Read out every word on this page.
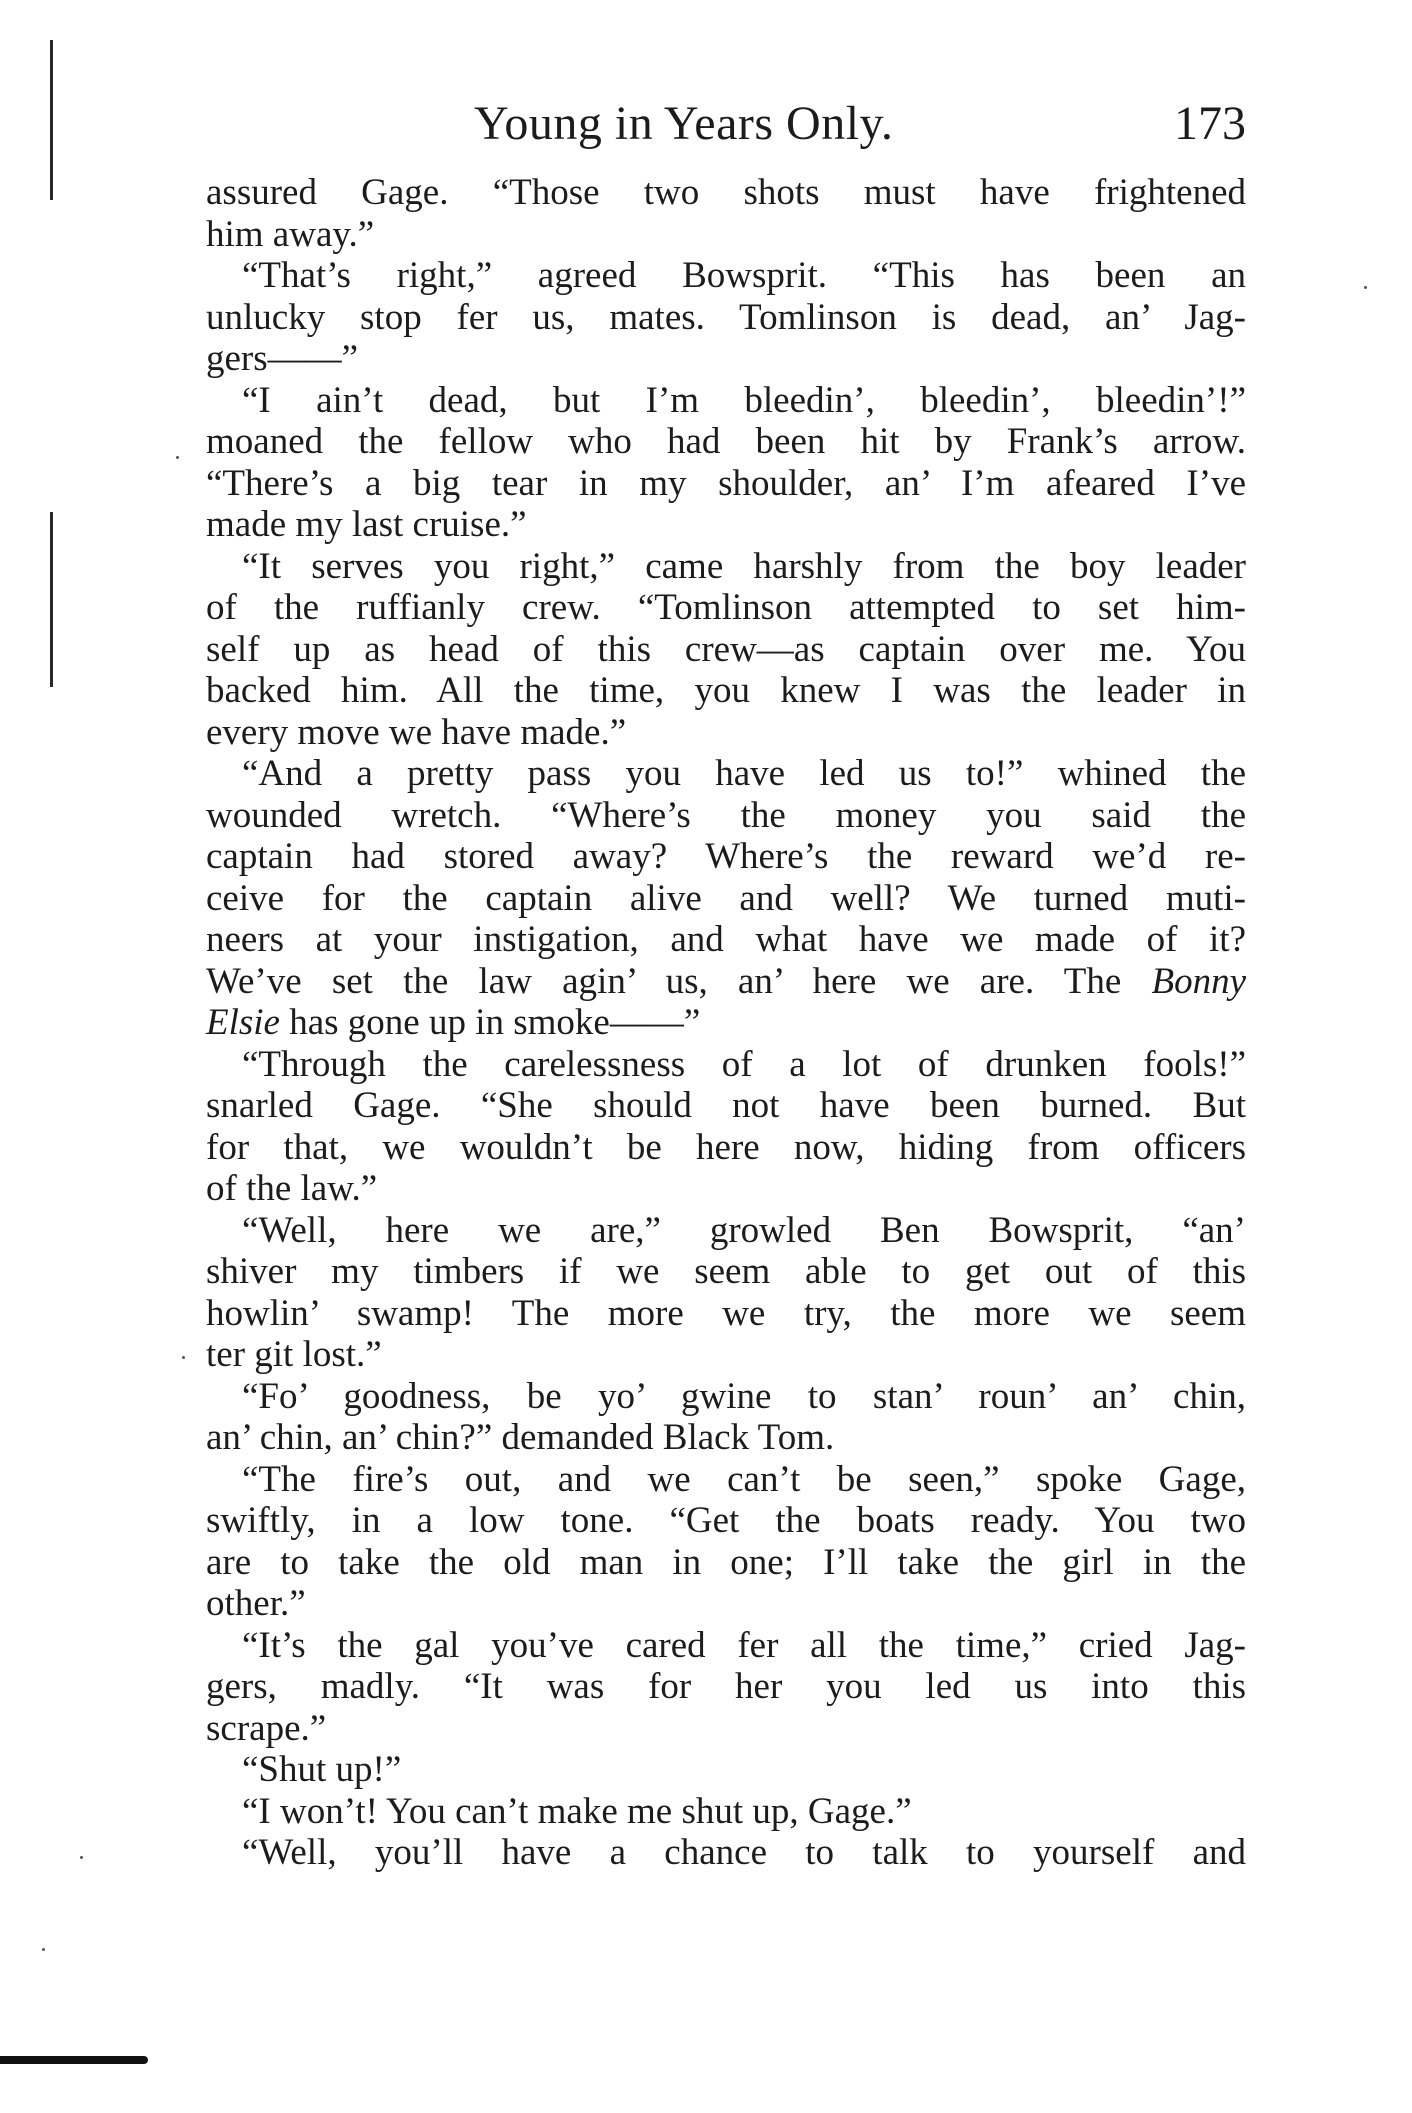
Young in Years Only.	173
assured Gage. “Those two shots must have frightened
him away.”
“That’s right,” agreed Bowsprit. “This has been an
unlucky stop fer us, mates. Tomlinson is dead, an’ Jag-
gers——”
“I ain’t dead, but I’m bleedin’, bleedin’, bleedin’!”
moaned the fellow who had been hit by Frank’s arrow.
“There’s a big tear in my shoulder, an’ I’m afeared I’ve
made my last cruise.”
“It serves you right,” came harshly from the boy leader
of the ruffianly crew. “Tomlinson attempted to set him-
self up as head of this crew—as captain over me. You
backed him. All the time, you knew I was the leader in
every move we have made.”
“And a pretty pass you have led us to!” whined the
wounded wretch. “Where’s the money you said the
captain had stored away? Where’s the reward we’d re-
ceive for the captain alive and well? We turned muti-
neers at your instigation, and what have we made of it?
We’ve set the law agin’ us, an’ here we are. The Bonny
Elsie has gone up in smoke——”
“Through the carelessness of a lot of drunken fools!”
snarled Gage. “She should not have been burned. But
for that, we wouldn’t be here now, hiding from officers
of the law.”
“Well, here we are,” growled Ben Bowsprit, “an’
shiver my timbers if we seem able to get out of this
howlin’ swamp! The more we try, the more we seem
ter git lost.”
“Fo’ goodness, be yo’ gwine to stan’ roun’ an’ chin,
an’ chin, an’ chin?” demanded Black Tom.
“The fire’s out, and we can’t be seen,” spoke Gage,
swiftly, in a low tone. “Get the boats ready. You two
are to take the old man in one; I’ll take the girl in the
other.”
“It’s the gal you’ve cared fer all the time,” cried Jag-
gers, madly. “It was for her you led us into this
scrape.”
“Shut up!”
“I won’t! You can’t make me shut up, Gage.”
“Well, you’ll have a chance to talk to yourself and
